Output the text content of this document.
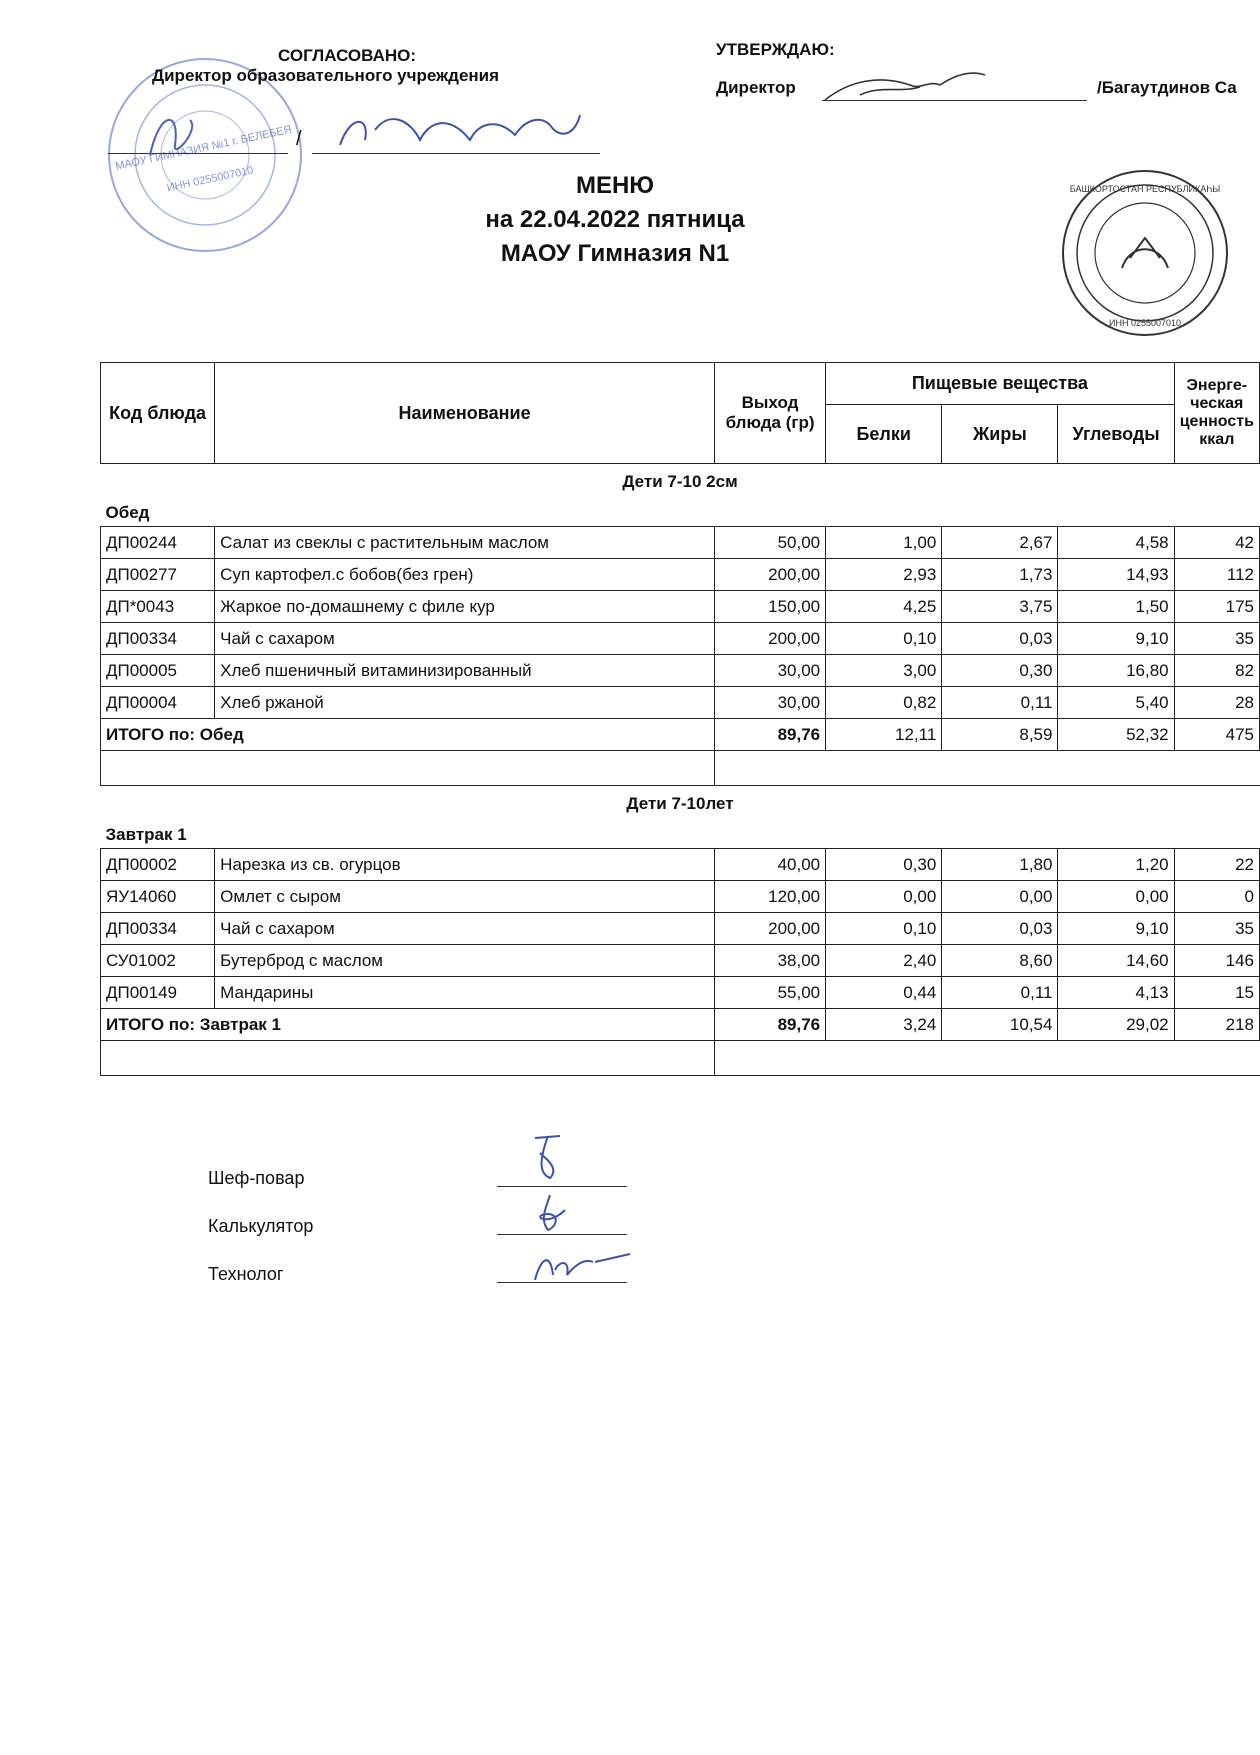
МАОУ ГИМНАЗИЯ №1 г. БЕЛЕБЕЯ
ИНН 0255007010
СОГЛАСОВАНО:
Директор образовательного учреждения
/
УТВЕРЖДАЮ:
Директор	/Багаутдинов Са
БАШКОРТОСТАН РЕСПУБЛИКАҺЫ
ИНН 0255007010
МЕНЮ
на 22.04.2022 пятница
МАОУ Гимназия N1
Код блюда	Наименование	Выход блюда (гр)	Пищевые вещества			Энерге- ческая ценность ккал
			Белки	Жиры	Углеводы	
Дети 7-10 2см						
Обед						
ДП00244	Салат из свеклы с растительным маслом	50,00	1,00	2,67	4,58	42
ДП00277	Суп картофел.с бобов(без грен)	200,00	2,93	1,73	14,93	112
ДП*0043	Жаркое по-домашнему с филе кур	150,00	4,25	3,75	1,50	175
ДП00334	Чай с сахаром	200,00	0,10	0,03	9,10	35
ДП00005	Хлеб пшеничный витаминизированный	30,00	3,00	0,30	16,80	82
ДП00004	Хлеб ржаной	30,00	0,82	0,11	5,40	28
ИТОГО по: Обед		89,76	12,11	8,59	52,32	475

Дети 7-10лет						
Завтрак 1						
ДП00002	Нарезка из св. огурцов	40,00	0,30	1,80	1,20	22
ЯУ14060	Омлет с сыром	120,00	0,00	0,00	0,00	0
ДП00334	Чай с сахаром	200,00	0,10	0,03	9,10	35
СУ01002	Бутерброд с маслом	38,00	2,40	8,60	14,60	146
ДП00149	Мандарины	55,00	0,44	0,11	4,13	15
ИТОГО по: Завтрак 1		89,76	3,24	10,54	29,02	218

Шеф-повар
Калькулятор
Технолог
